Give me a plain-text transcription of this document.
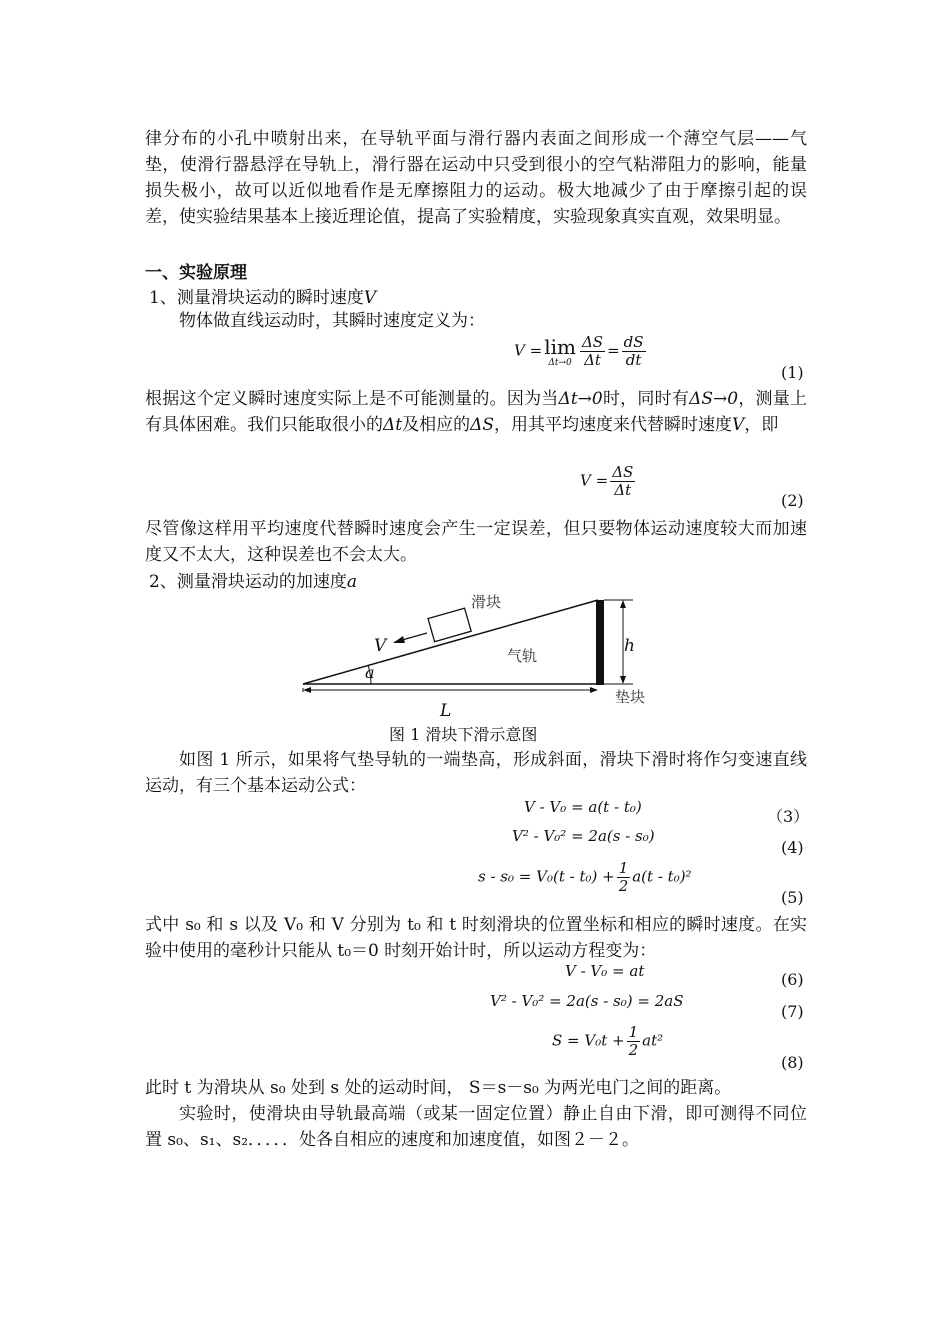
律分布的小孔中喷射出来，在导轨平面与滑行器内表面之间形成一个薄空气层——气垫，使滑行器悬浮在导轨上，滑行器在运动中只受到很小的空气粘滞阻力的影响，能量损失极小，故可以近似地看作是无摩擦阻力的运动。极大地减少了由于摩擦引起的误差，使实验结果基本上接近理论值，提高了实验精度，实验现象真实直观，效果明显。

一、实验原理
1、测量滑块运动的瞬时速度V

物体做直线运动时，其瞬时速度定义为：

V = lim
$\Delta t\to 0 \frac{\Delta S}{\Delta t} = \frac{dS}{dt}$
(1)

根据这个定义瞬时速度实际上是不可能测量的。因为当Δt→0时，同时有ΔS→0，测量上有具体困难。我们只能取很小的Δt及相应的ΔS，用其平均速度来代替瞬时速度V，即

$V = \frac{\Delta S}{\Delta t}$
(2)

尽管像这样用平均速度代替瞬时速度会产生一定误差，但只要物体运动速度较大而加速度又不太大，这种误差也不会太大。

2、测量滑块运动的加速度a
滑块
气轨
垫块
V
a
L
h
图 1 滑块下滑示意图

如图 1 所示，如果将气垫导轨的一端垫高，形成斜面，滑块下滑时将作匀变速直线运动，有三个基本运动公式：

V - V₀ = a(t - t₀)	（3）
V² - V₀² = 2a(s - s₀)
(4)
$s - s_0 = V_0(t - t_0) + \frac{1}{2} a(t - t_0)^2$
(5)

式中 s₀ 和 s 以及 V₀ 和 V 分别为 t₀ 和 t 时刻滑块的位置坐标和相应的瞬时速度。在实验中使用的毫秒计只能从 t₀＝0 时刻开始计时，所以运动方程变为：

V - V₀ = at	(6)
V² - V₀² = 2a(s - s₀) = 2aS
(7)
$S = V_0t + \frac{1}{2} at^2$
(8)

此时 t 为滑块从 s₀ 处到 s 处的运动时间， S＝s－s₀ 为两光电门之间的距离。

实验时，使滑块由导轨最高端（或某一固定位置）静止自由下滑，即可测得不同位置 s₀、s₁、s₂．．．．．处各自相应的速度和加速度值，如图２－２。
